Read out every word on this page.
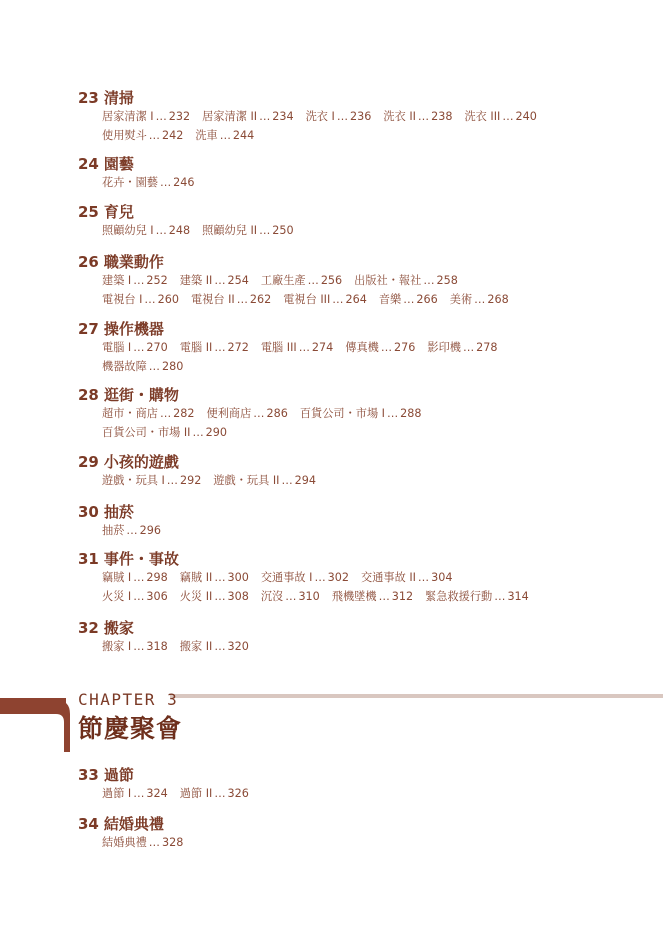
CHAPTER 3
節慶聚會
23 清掃
居家清潔 I … 232 居家清潔 II … 234 洗衣 I … 236 洗衣 II … 238 洗衣 III … 240
使用熨斗 … 242 洗車 … 244
24 園藝
花卉・園藝 … 246
25 育兒
照顧幼兒 I … 248 照顧幼兒 II … 250
26 職業動作
建築 I … 252 建築 II … 254 工廠生產 … 256 出版社・報社 … 258
電視台 I … 260 電視台 II … 262 電視台 III … 264 音樂 … 266 美術 … 268
27 操作機器
電腦 I … 270 電腦 II … 272 電腦 III … 274 傳真機 … 276 影印機 … 278
機器故障 … 280
28 逛街・購物
超市・商店 … 282 便利商店 … 286 百貨公司・市場 I … 288
百貨公司・市場 II … 290
29 小孩的遊戲
遊戲・玩具 I … 292 遊戲・玩具 II … 294
30 抽菸
抽菸 … 296
31 事件・事故
竊賊 I … 298 竊賊 II … 300 交通事故 I … 302 交通事故 II … 304
火災 I … 306 火災 II … 308 沉沒 … 310 飛機墜機 … 312 緊急救援行動 … 314
32 搬家
搬家 I … 318 搬家 II … 320
33 過節
過節 I … 324 過節 II … 326
34 結婚典禮
結婚典禮 … 328
